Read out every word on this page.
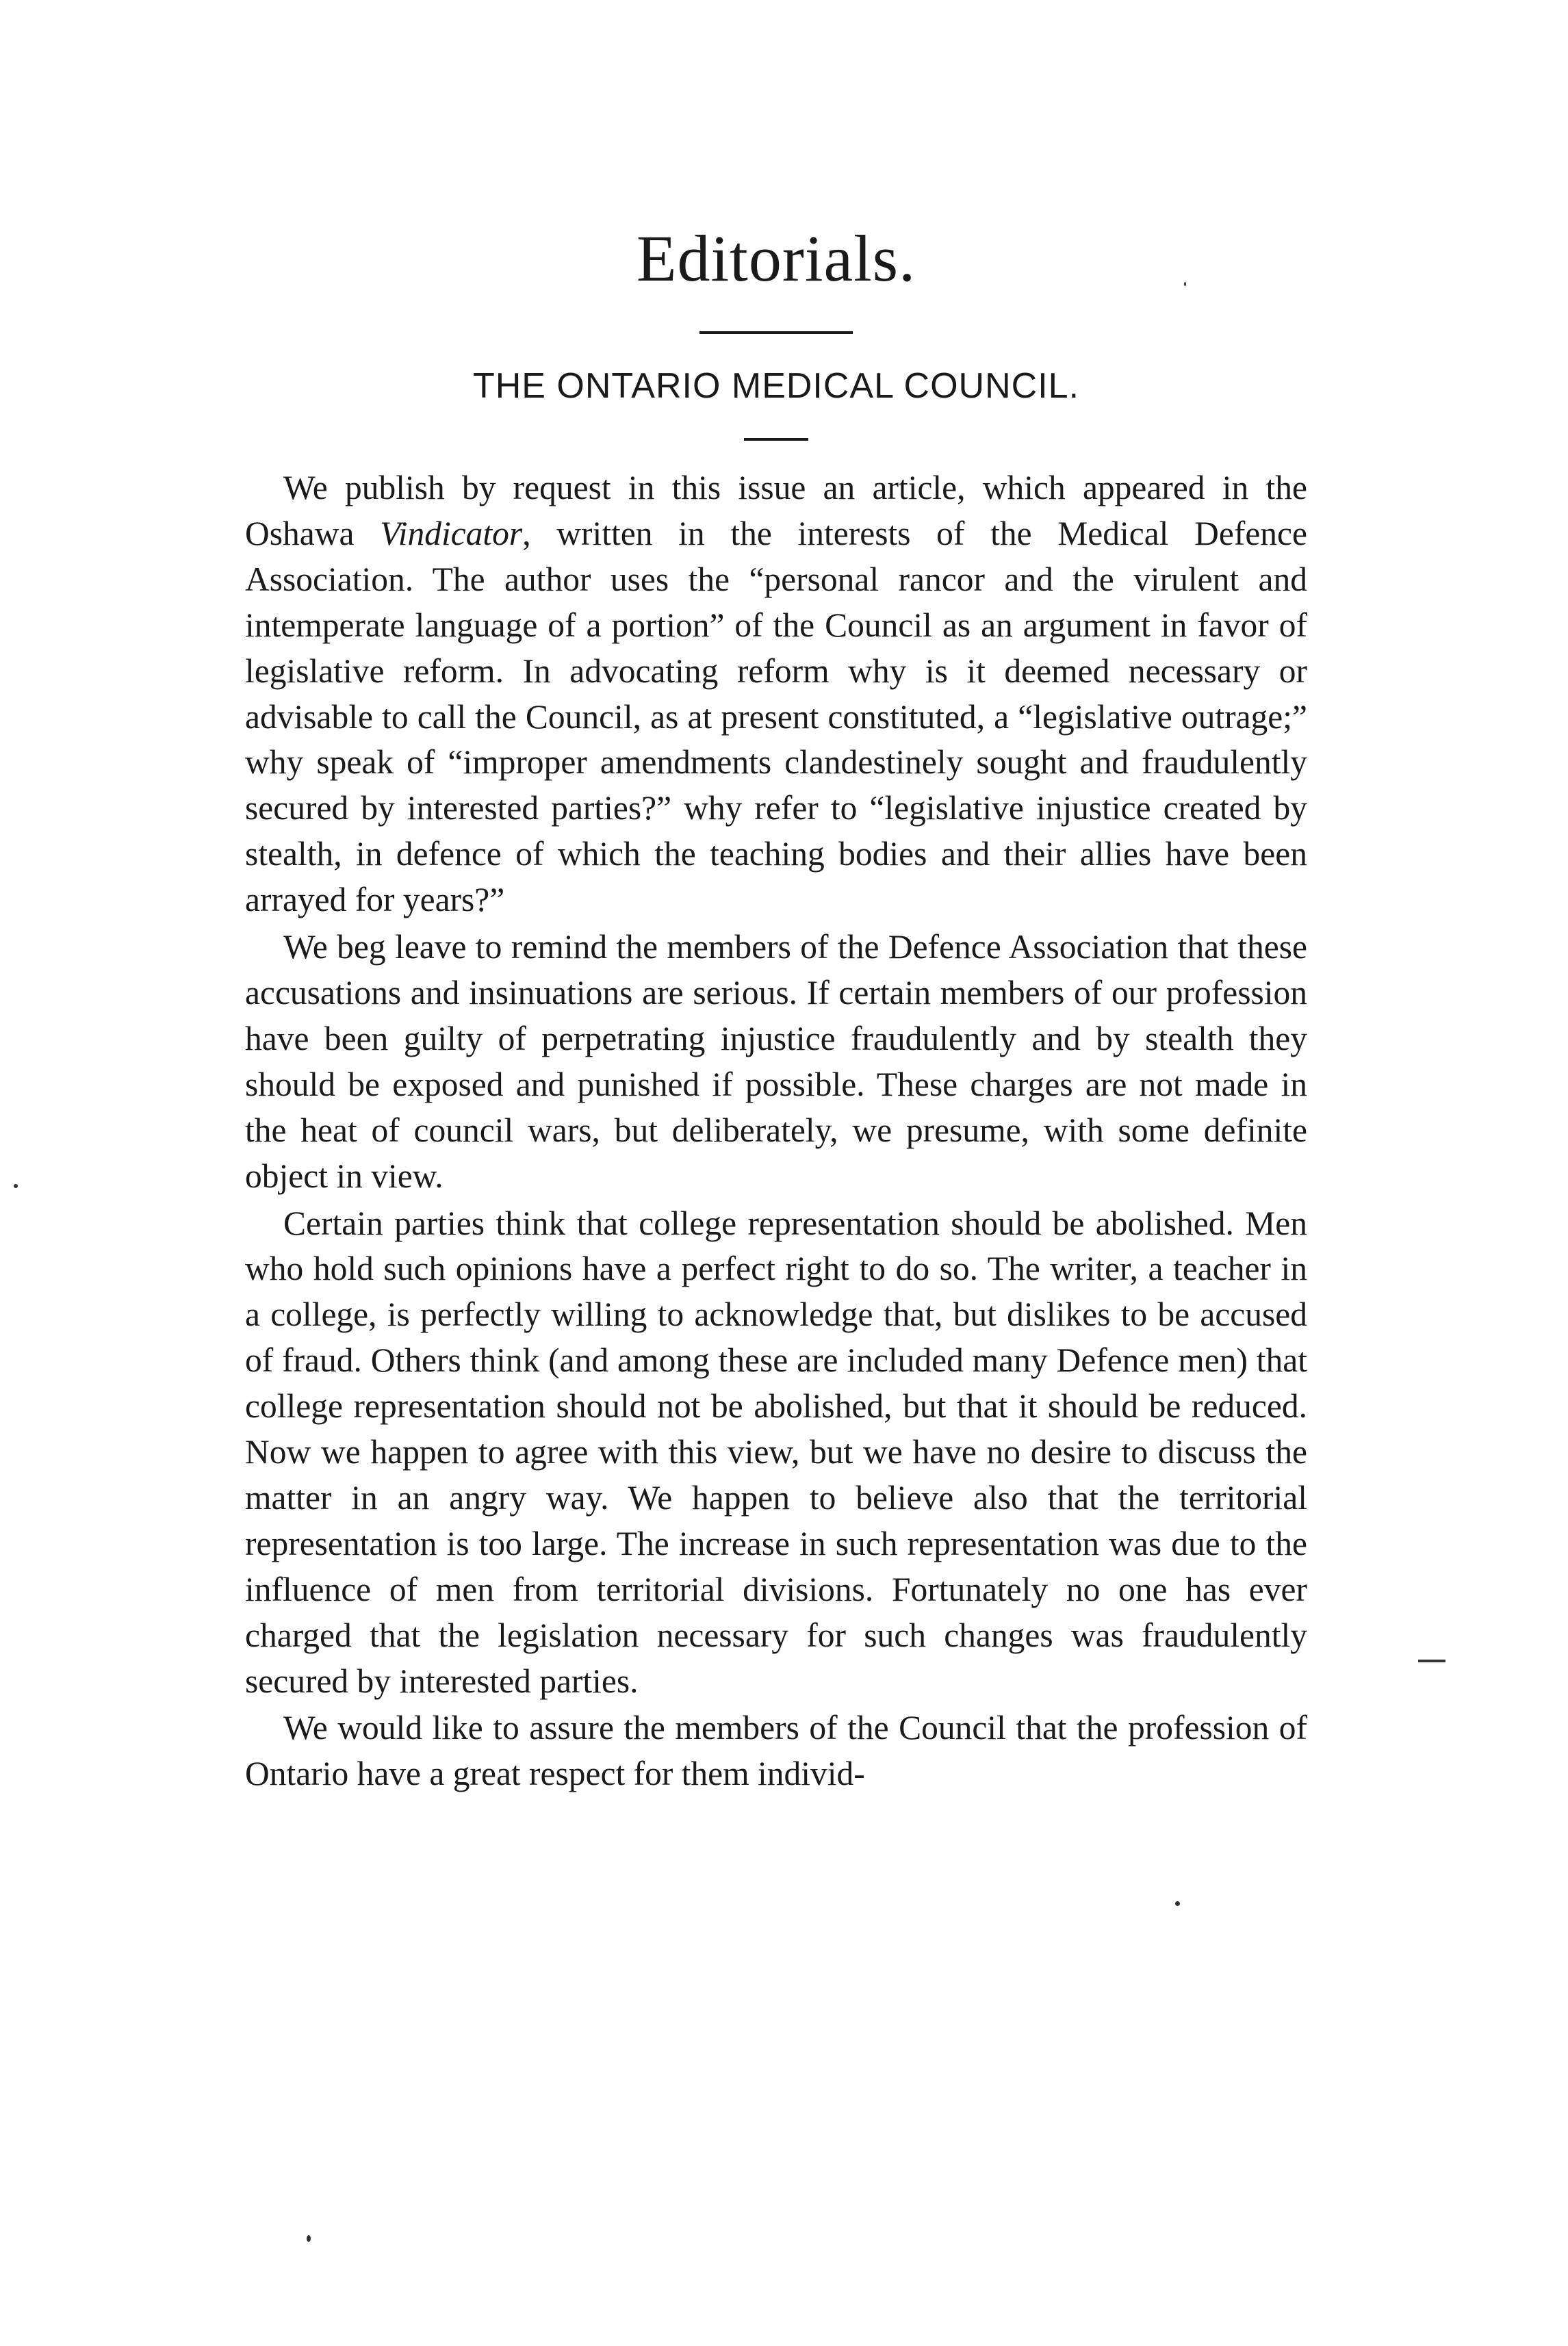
Editorials.
THE ONTARIO MEDICAL COUNCIL.

We publish by request in this issue an article, which appeared in the Oshawa Vindicator, written in the interests of the Medical Defence Association. The author uses the “personal rancor and the virulent and intemperate language of a portion” of the Council as an argument in favor of legislative reform. In advocating reform why is it deemed necessary or advisable to call the Council, as at present constituted, a “legislative outrage;” why speak of “improper amendments clandestinely sought and fraudulently secured by interested parties?” why refer to “legislative injustice created by stealth, in defence of which the teaching bodies and their allies have been arrayed for years?”

We beg leave to remind the members of the Defence Association that these accusations and insinuations are serious. If certain members of our profession have been guilty of perpetrating injustice fraudulently and by stealth they should be exposed and punished if possible. These charges are not made in the heat of council wars, but deliberately, we presume, with some definite object in view.

Certain parties think that college representation should be abolished. Men who hold such opinions have a perfect right to do so. The writer, a teacher in a college, is perfectly willing to acknowledge that, but dislikes to be accused of fraud. Others think (and among these are included many Defence men) that college representation should not be abolished, but that it should be reduced. Now we happen to agree with this view, but we have no desire to discuss the matter in an angry way. We happen to believe also that the territorial representation is too large. The increase in such representation was due to the influence of men from territorial divisions. Fortunately no one has ever charged that the legislation necessary for such changes was fraudulently secured by interested parties.

We would like to assure the members of the Council that the profession of Ontario have a great respect for them individ-
